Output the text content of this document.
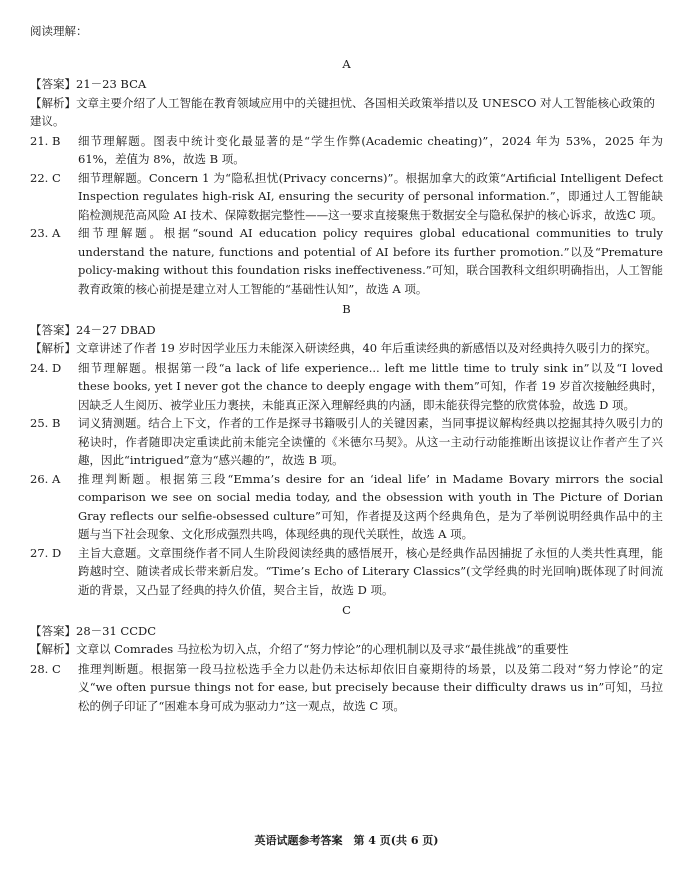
阅读理解：
A
【答案】21－23 BCA
【解析】文章主要介绍了人工智能在教育领域应用中的关键担忧、各国相关政策举措以及 UNESCO 对人工智能核心政策的建议。
21. B	细节理解题。图表中统计变化最显著的是“学生作弊(Academic cheating)”，2024 年为 53%，2025 年为 61%，差值为 8%，故选 B 项。
22. C	细节理解题。Concern 1 为“隐私担忧(Privacy concerns)”。根据加拿大的政策“Artificial Intelligent Defect Inspection regulates high-risk AI, ensuring the security of personal information.”，即通过人工智能缺陷检测规范高风险 AI 技术、保障数据完整性——这一要求直接聚焦于数据安全与隐私保护的核心诉求，故选C 项。
23. A	细节理解题。根据“sound AI education policy requires global educational communities to truly understand the nature, functions and potential of AI before its further promotion.”以及“Premature policy-making without this foundation risks ineffectiveness.”可知，联合国教科文组织明确指出，人工智能教育政策的核心前提是建立对人工智能的“基础性认知”，故选 A 项。
B
【答案】24－27 DBAD
【解析】文章讲述了作者 19 岁时因学业压力未能深入研读经典，40 年后重读经典的新感悟以及对经典持久吸引力的探究。
24. D	细节理解题。根据第一段“a lack of life experience... left me little time to truly sink in”以及“I loved these books, yet I never got the chance to deeply engage with them”可知，作者 19 岁首次接触经典时，因缺乏人生阅历、被学业压力裹挟，未能真正深入理解经典的内涵，即未能获得完整的欣赏体验，故选 D 项。
25. B	词义猜测题。结合上下文，作者的工作是探寻书籍吸引人的关键因素，当同事提议解构经典以挖掘其持久吸引力的秘诀时，作者随即决定重读此前未能完全读懂的《米德尔马契》。从这一主动行动能推断出该提议让作者产生了兴趣，因此“intrigued”意为“感兴趣的”，故选 B 项。
26. A	推理判断题。根据第三段“Emma’s desire for an ‘ideal life’ in Madame Bovary mirrors the social comparison we see on social media today, and the obsession with youth in The Picture of Dorian Gray reflects our selfie-obsessed culture”可知，作者提及这两个经典角色，是为了举例说明经典作品中的主题与当下社会现象、文化形成强烈共鸣，体现经典的现代关联性，故选 A 项。
27. D	主旨大意题。文章围绕作者不同人生阶段阅读经典的感悟展开，核心是经典作品因捕捉了永恒的人类共性真理，能跨越时空、随读者成长带来新启发。“Time’s Echo of Literary Classics”(文学经典的时光回响)既体现了时间流逝的背景，又凸显了经典的持久价值，契合主旨，故选 D 项。
C
【答案】28－31 CCDC
【解析】文章以 Comrades 马拉松为切入点，介绍了“努力悖论”的心理机制以及寻求“最佳挑战”的重要性
28. C	推理判断题。根据第一段马拉松选手全力以赴仍未达标却依旧自豪期待的场景，以及第二段对“努力悖论”的定义“we often pursue things not for ease, but precisely because their difficulty draws us in”可知，马拉松的例子印证了“困难本身可成为驱动力”这一观点，故选 C 项。
英语试题参考答案　第 4 页(共 6 页)
